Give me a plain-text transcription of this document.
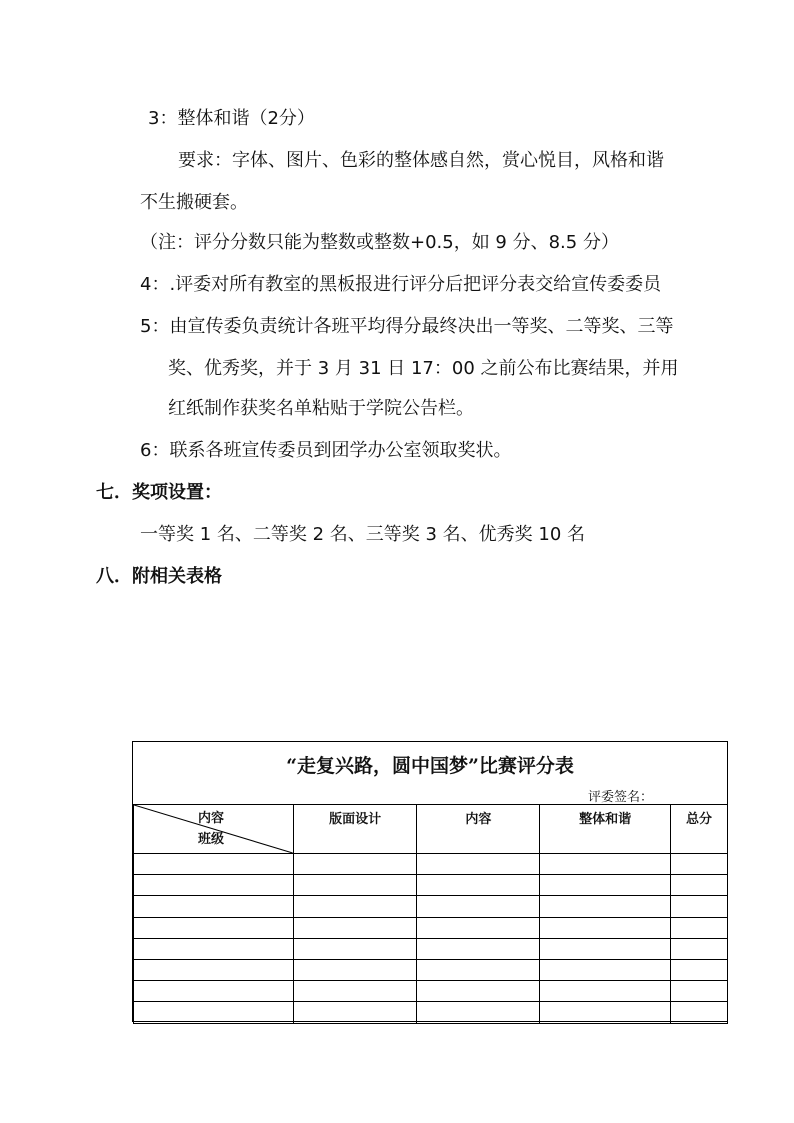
3：整体和谐（2分）
要求：字体、图片、色彩的整体感自然，赏心悦目，风格和谐
不生搬硬套。
（注：评分分数只能为整数或整数+0.5，如 9 分、8.5 分）
4：.评委对所有教室的黑板报进行评分后把评分表交给宣传委委员
5：由宣传委负责统计各班平均得分最终决出一等奖、二等奖、三等
奖、优秀奖，并于 3 月 31 日 17：00 之前公布比赛结果，并用
红纸制作获奖名单粘贴于学院公告栏。
6：联系各班宣传委员到团学办公室领取奖状。
七．奖项设置：
一等奖 1 名、二等奖 2 名、三等奖 3 名、优秀奖 10 名
八．附相关表格
“走复兴路，圆中国梦”比赛评分表
评委签名：
内容
班级	版面设计	内容	整体和谐	总分
